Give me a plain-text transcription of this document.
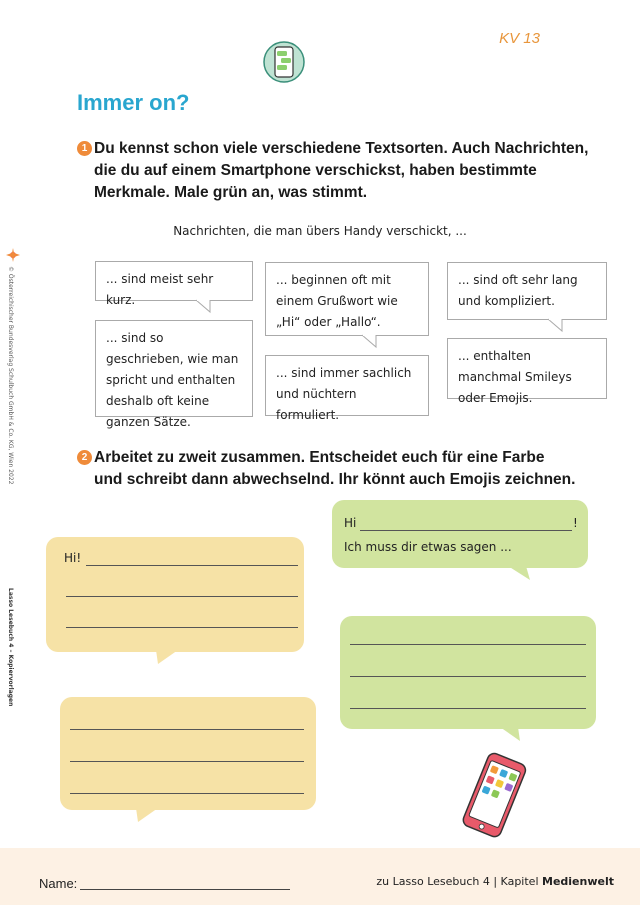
KV 13
Immer on?
© Österreichischer Bundesverlag Schulbuch GmbH & Co. KG, Wien 2022
Lasso Lesebuch 4 – Kopiervorlagen
1 Du kennst schon viele verschiedene Textsorten. Auch Nachrichten, die du auf einem Smartphone verschickst, haben bestimmte Merkmale. Male grün an, was stimmt.
Nachrichten, die man übers Handy verschickt, ...
... sind meist sehr kurz.
... beginnen oft mit einem Grußwort wie „Hi“ oder „Hallo“.
... sind oft sehr lang und kompliziert.
... sind so geschrieben, wie man spricht und enthalten deshalb oft keine ganzen Sätze.
... sind immer sachlich und nüchtern formuliert.
... enthalten manchmal Smileys oder Emojis.
2 Arbeitet zu zweit zusammen. Entscheidet euch für eine Farbe und schreibt dann abwechselnd. Ihr könnt auch Emojis zeichnen.
Hi	!
Ich muss dir etwas sagen ...
Hi!
Name:	zu Lasso Lesebuch 4 | Kapitel Medienwelt
